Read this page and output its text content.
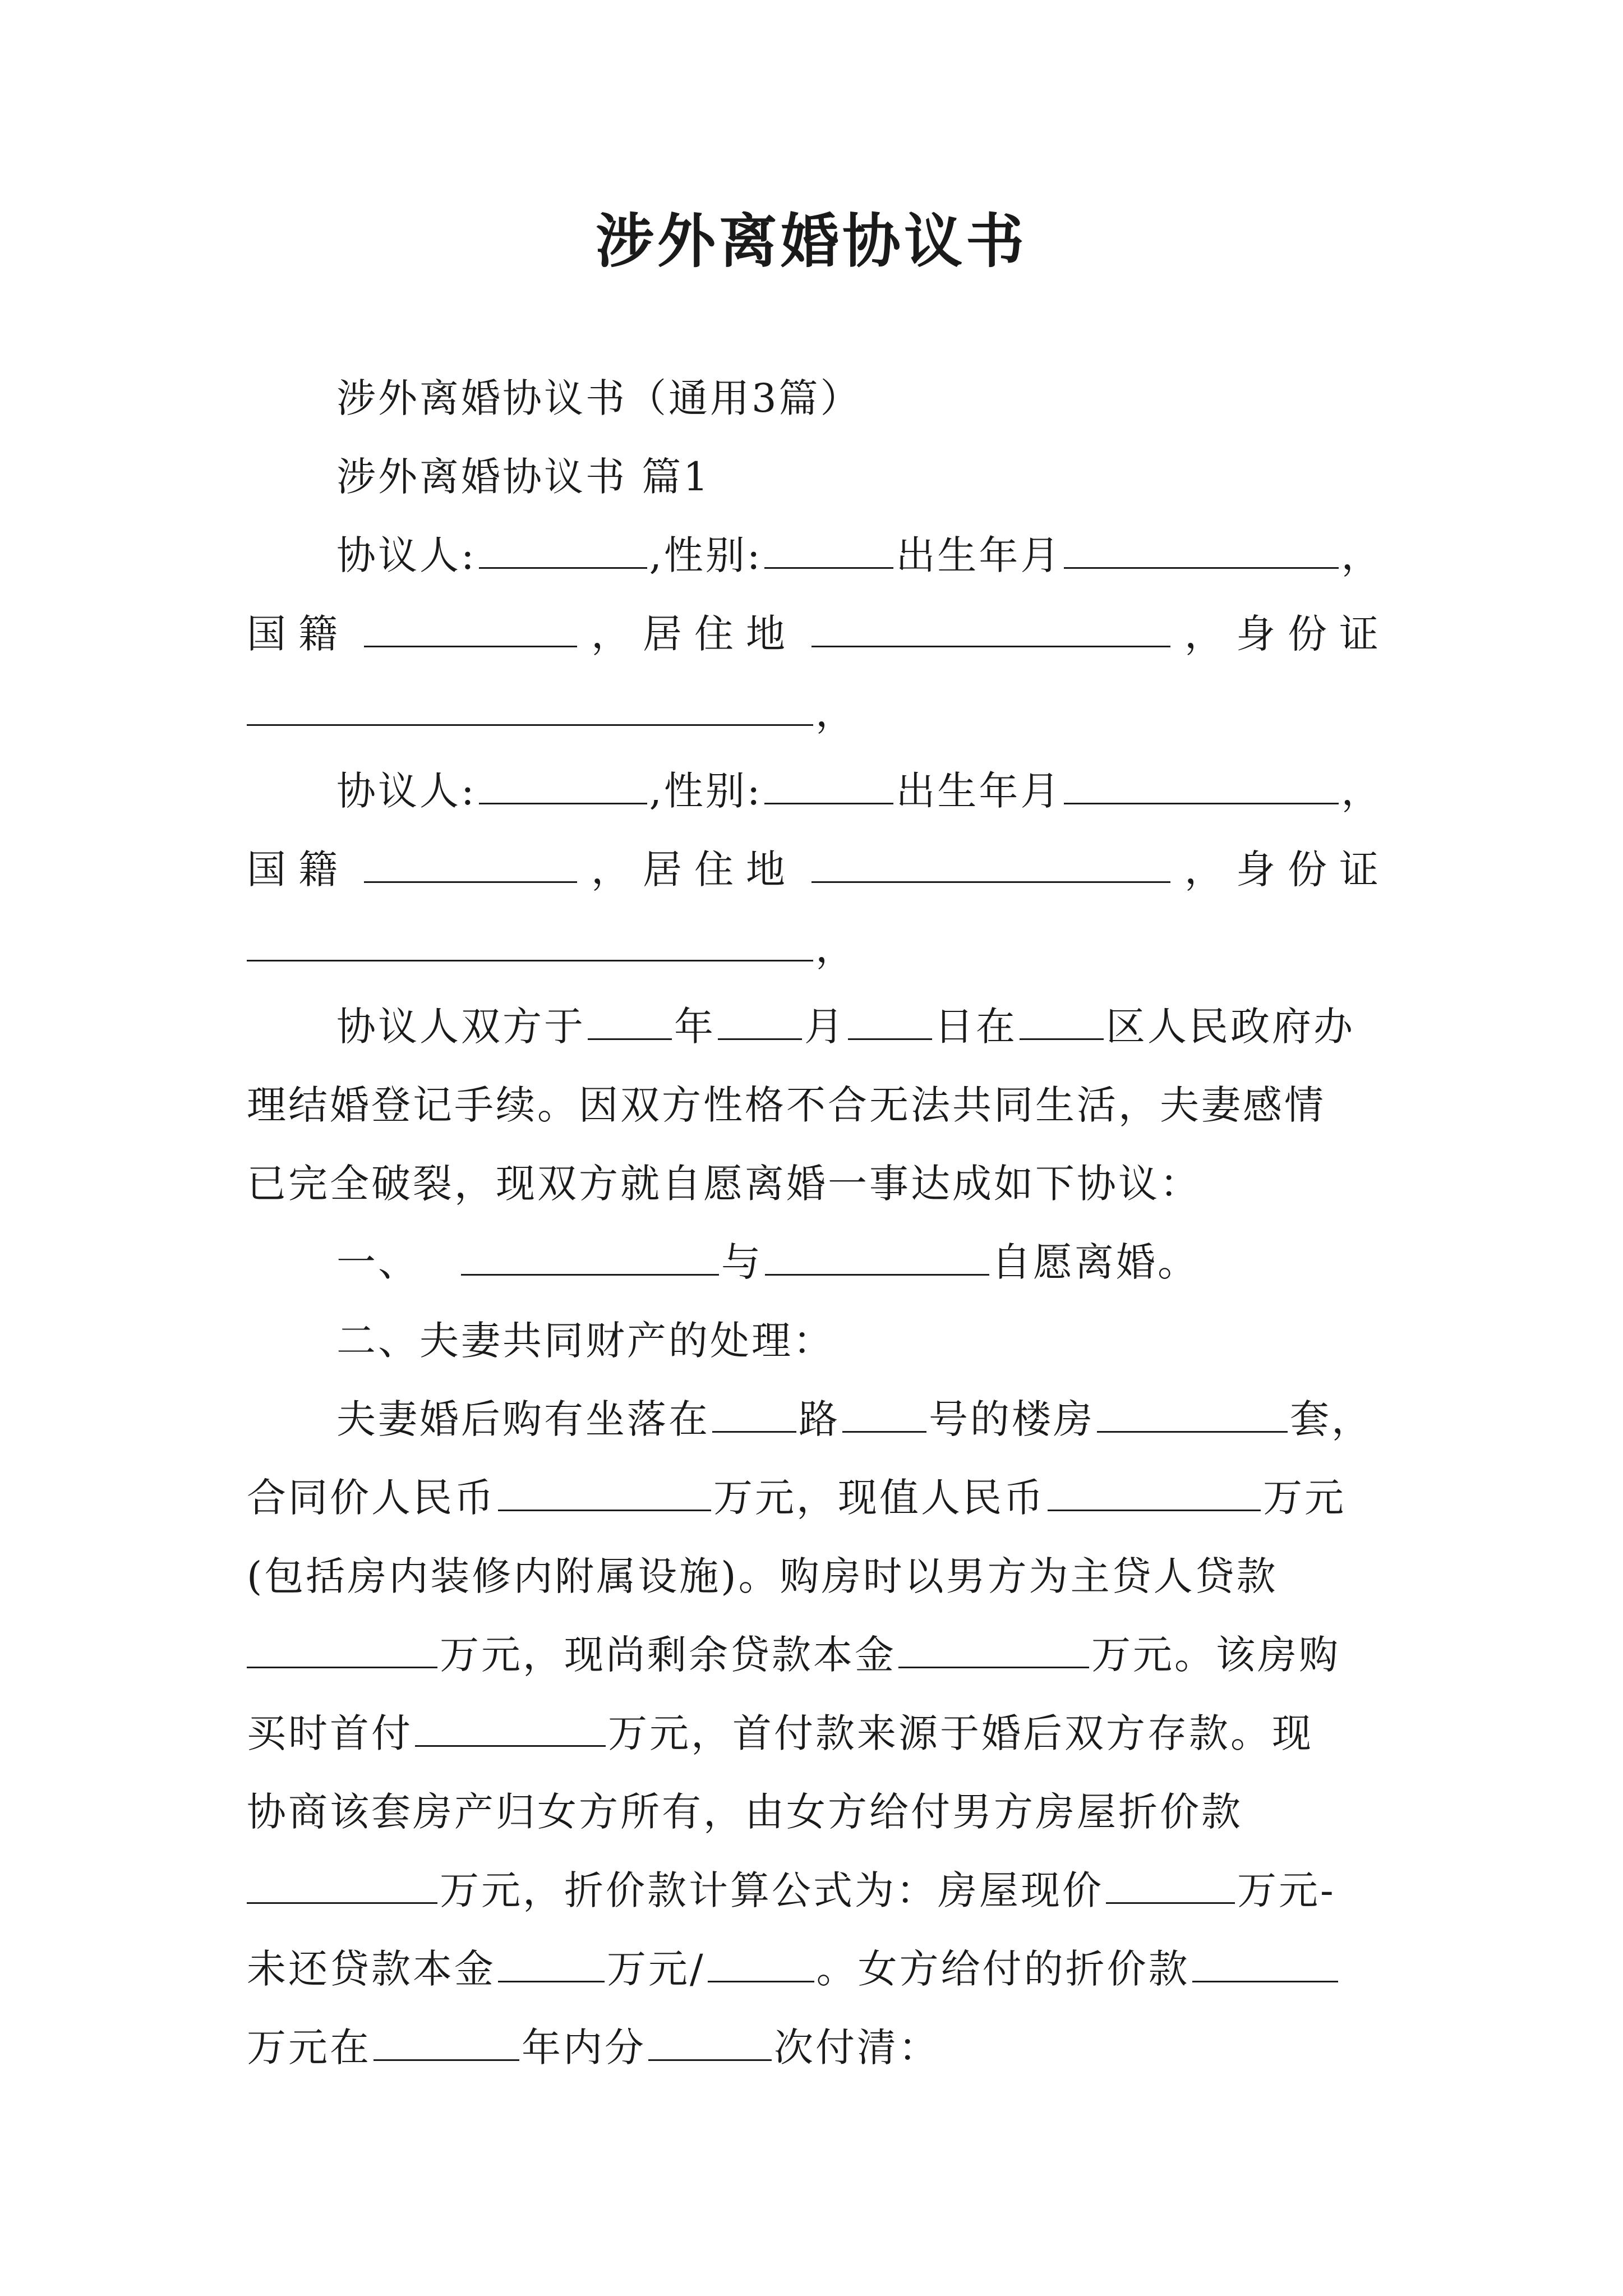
涉外离婚协议书
涉外离婚协议书（通用3篇）
涉外离婚协议书 篇1
协议人:	,性别:	出生年月	，
国籍	，居住地	，身份证
，
协议人:	,性别:	出生年月	，
国籍	，居住地	，身份证
，
协议人双方于 年 月 日在 区人民政府办
理结婚登记手续。因双方性格不合无法共同生活，夫妻感情
已完全破裂，现双方就自愿离婚一事达成如下协议：
一、	与	自愿离婚。
二、夫妻共同财产的处理：
夫妻婚后购有坐落在 路 号的楼房	套，
合同价人民币	万元，现值人民币	万元
(包括房内装修内附属设施)。购房时以男方为主贷人贷款
万元，现尚剩余贷款本金	万元。该房购
买时首付	万元，首付款来源于婚后双方存款。现
协商该套房产归女方所有，由女方给付男方房屋折价款
万元，折价款计算公式为：房屋现价	万元-
未还贷款本金	万元/	。女方给付的折价款
万元在	年内分	次付清：
